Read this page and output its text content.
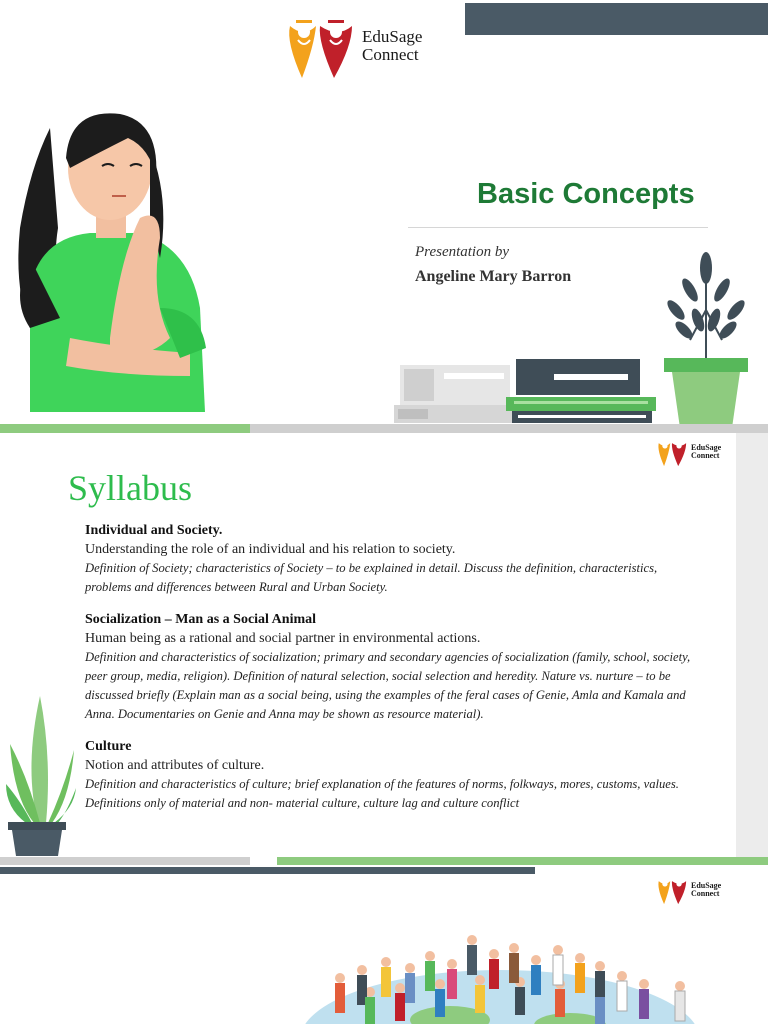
EduSage
Connect
Basic Concepts
Presentation by
Angeline Mary Barron
EduSage
Connect
Syllabus
Individual and Society.
Understanding the role of an individual and his relation to society.
Definition of Society; characteristics of Society – to be explained in detail. Discuss the definition, characteristics, problems and differences between Rural and Urban Society.
Socialization – Man as a Social Animal
Human being as a rational and social partner in environmental actions.
Definition and characteristics of socialization; primary and secondary agencies of socialization (family, school, society, peer group, media, religion). Definition of natural selection, social selection and heredity. Nature vs. nurture – to be discussed briefly (Explain man as a social being, using the examples of the feral cases of Genie, Amla and Kamala and Anna. Documentaries on Genie and Anna may be shown as resource material).
Culture
Notion and attributes of culture.
Definition and characteristics of culture; brief explanation of the features of norms, folkways, mores, customs, values. Definitions only of material and non- material culture, culture lag and culture conflict
EduSage
Connect
